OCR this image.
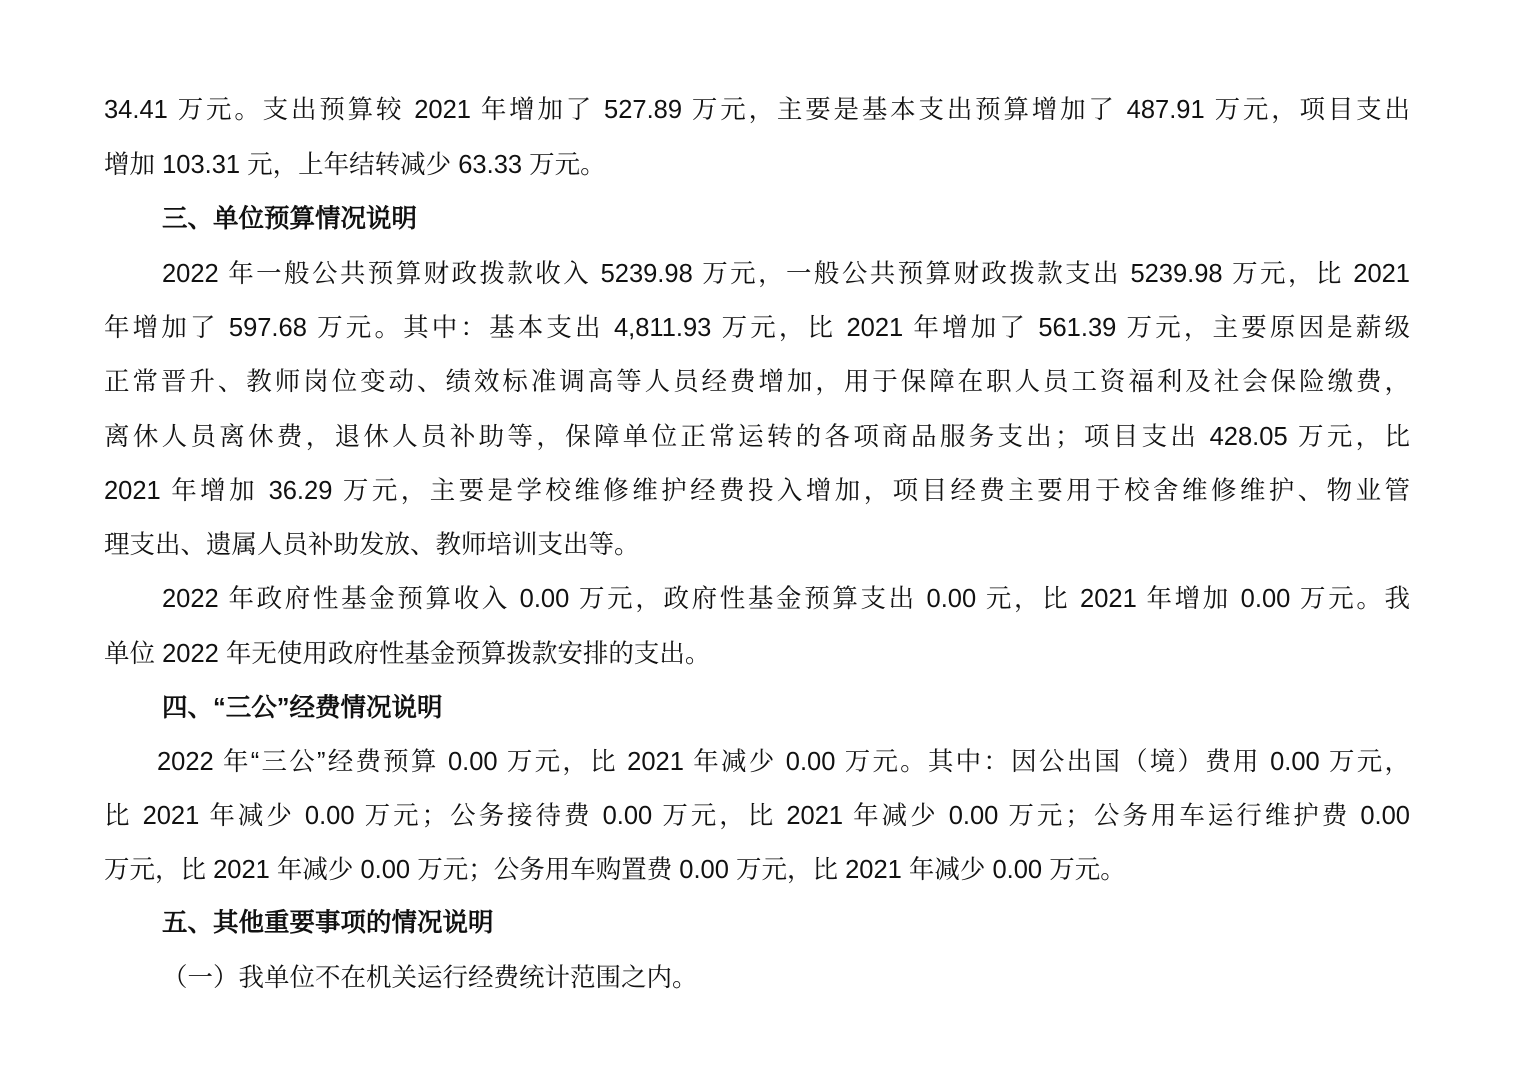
34.41 万元。支出预算较 2021 年增加了 527.89 万元，主要是基本支出预算增加了 487.91 万元，项目支出
增加 103.31 元，上年结转减少 63.33 万元。
三、单位预算情况说明
2022 年一般公共预算财政拨款收入 5239.98 万元，一般公共预算财政拨款支出 5239.98 万元，比 2021
年增加了 597.68 万元。其中：基本支出 4,811.93 万元，比 2021 年增加了 561.39 万元，主要原因是薪级
正常晋升、教师岗位变动、绩效标准调高等人员经费增加，用于保障在职人员工资福利及社会保险缴费，
离休人员离休费，退休人员补助等，保障单位正常运转的各项商品服务支出；项目支出 428.05 万元，比
2021 年增加 36.29 万元，主要是学校维修维护经费投入增加，项目经费主要用于校舍维修维护、物业管
理支出、遗属人员补助发放、教师培训支出等。
2022 年政府性基金预算收入 0.00 万元，政府性基金预算支出 0.00 元，比 2021 年增加 0.00 万元。我
单位 2022 年无使用政府性基金预算拨款安排的支出。
四、“三公”经费情况说明
2022 年“三公”经费预算 0.00 万元，比 2021 年减少 0.00 万元。其中：因公出国（境）费用 0.00 万元，
比 2021 年减少 0.00 万元；公务接待费 0.00 万元，比 2021 年减少 0.00 万元；公务用车运行维护费 0.00
万元，比 2021 年减少 0.00 万元；公务用车购置费 0.00 万元，比 2021 年减少 0.00 万元。
五、其他重要事项的情况说明
（一）我单位不在机关运行经费统计范围之内。
